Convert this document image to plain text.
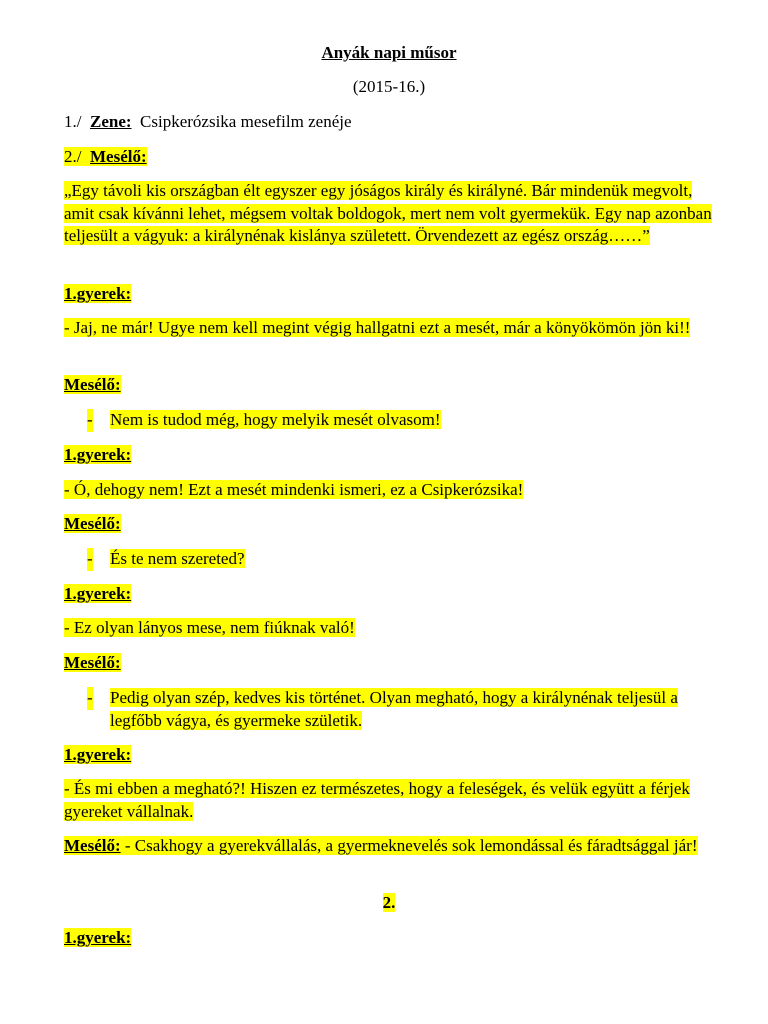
Anyák napi műsor

(2015-16.)

1./ Zene: Csipkerózsika mesefilm zenéje

2./ Mesélő:

„Egy távoli kis országban élt egyszer egy jóságos király és királyné. Bár mindenük megvolt, amit csak kívánni lehet, mégsem voltak boldogok, mert nem volt gyermekük. Egy nap azonban teljesült a vágyuk: a királynénak kislánya született. Örvendezett az egész ország……”

1.gyerek:

- Jaj, ne már! Ugye nem kell megint végig hallgatni ezt a mesét, már a könyökömön jön ki!!

Mesélő:

- Nem is tudod még, hogy melyik mesét olvasom!

1.gyerek:

- Ó, dehogy nem! Ezt a mesét mindenki ismeri, ez a Csipkerózsika!

Mesélő:

- És te nem szereted?

1.gyerek:

- Ez olyan lányos mese, nem fiúknak való!

Mesélő:

- Pedig olyan szép, kedves kis történet. Olyan megható, hogy a királynénak teljesül a legfőbb vágya, és gyermeke születik.

1.gyerek:

- És mi ebben a megható?! Hiszen ez természetes, hogy a feleségek, és velük együtt a férjek gyereket vállalnak.

Mesélő: - Csakhogy a gyerekvállalás, a gyermeknevelés sok lemondással és fáradtsággal jár!

2.

1.gyerek:
